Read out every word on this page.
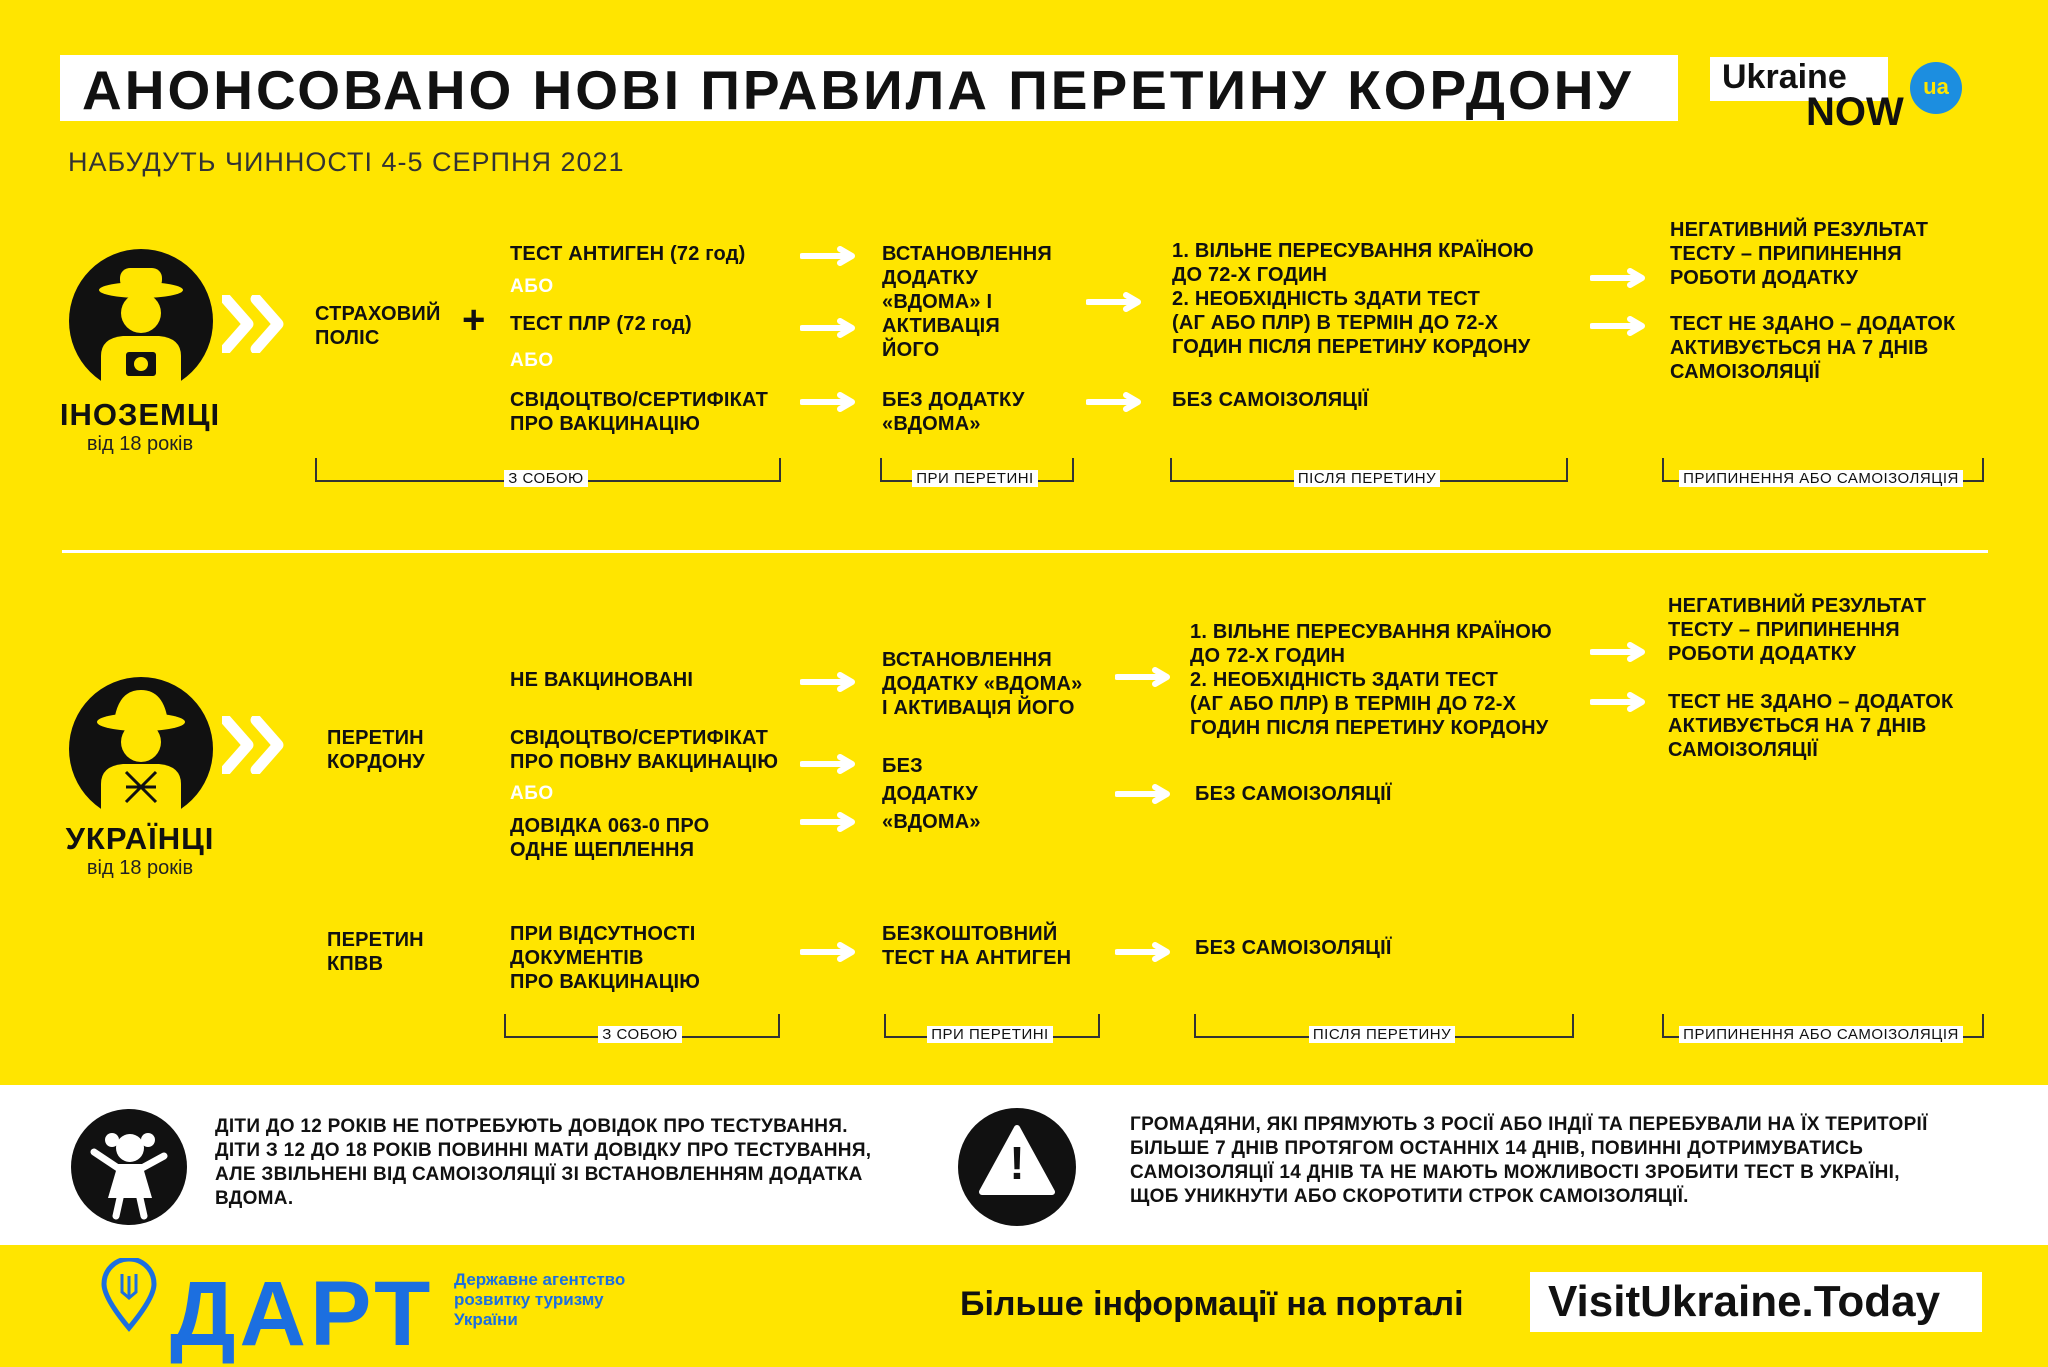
АНОНСОВАНО НОВІ ПРАВИЛА ПЕРЕТИНУ КОРДОНУ
НАБУДУТЬ ЧИННОСТІ 4-5 СЕРПНЯ 2021
Ukraine
NOW
ua
ІНОЗЕМЦІ
від 18 років
СТРАХОВИЙ
ПОЛІС	+
ТЕСТ АНТИГЕН (72 год)
АБО
ТЕСТ ПЛР (72 год)
АБО
СВІДОЦТВО/СЕРТИФІКАТ
ПРО ВАКЦИНАЦІЮ
ВСТАНОВЛЕННЯ
ДОДАТКУ
«ВДОМА» І
АКТИВАЦІЯ
ЙОГО
БЕЗ ДОДАТКУ
«ВДОМА»
1. ВІЛЬНЕ ПЕРЕСУВАННЯ КРАЇНОЮ
ДО 72-Х ГОДИН
2. НЕОБХІДНІСТЬ ЗДАТИ ТЕСТ
(АГ АБО ПЛР) В ТЕРМІН ДО 72-Х
ГОДИН ПІСЛЯ ПЕРЕТИНУ КОРДОНУ
БЕЗ САМОІЗОЛЯЦІЇ
НЕГАТИВНИЙ РЕЗУЛЬТАТ
ТЕСТУ – ПРИПИНЕННЯ
РОБОТИ ДОДАТКУ
ТЕСТ НЕ ЗДАНО – ДОДАТОК
АКТИВУЄТЬСЯ НА 7 ДНІВ
САМОІЗОЛЯЦІЇ
З СОБОЮ	ПРИ ПЕРЕТИНІ	ПІСЛЯ ПЕРЕТИНУ	ПРИПИНЕННЯ АБО САМОІЗОЛЯЦІЯ
УКРАЇНЦІ
від 18 років
ПЕРЕТИН
КОРДОНУ
НЕ ВАКЦИНОВАНІ
СВІДОЦТВО/СЕРТИФІКАТ
ПРО ПОВНУ ВАКЦИНАЦІЮ
АБО
ДОВІДКА 063-0 ПРО
ОДНЕ ЩЕПЛЕННЯ
ВСТАНОВЛЕННЯ
ДОДАТКУ «ВДОМА»
І АКТИВАЦІЯ ЙОГО
БЕЗ
ДОДАТКУ
«ВДОМА»
1. ВІЛЬНЕ ПЕРЕСУВАННЯ КРАЇНОЮ
ДО 72-Х ГОДИН
2. НЕОБХІДНІСТЬ ЗДАТИ ТЕСТ
(АГ АБО ПЛР) В ТЕРМІН ДО 72-Х
ГОДИН ПІСЛЯ ПЕРЕТИНУ КОРДОНУ
БЕЗ САМОІЗОЛЯЦІЇ
НЕГАТИВНИЙ РЕЗУЛЬТАТ
ТЕСТУ – ПРИПИНЕННЯ
РОБОТИ ДОДАТКУ
ТЕСТ НЕ ЗДАНО – ДОДАТОК
АКТИВУЄТЬСЯ НА 7 ДНІВ
САМОІЗОЛЯЦІЇ
ПЕРЕТИН
КПВВ
ПРИ ВІДСУТНОСТІ
ДОКУМЕНТІВ
ПРО ВАКЦИНАЦІЮ
БЕЗКОШТОВНИЙ
ТЕСТ НА АНТИГЕН	БЕЗ САМОІЗОЛЯЦІЇ
З СОБОЮ	ПРИ ПЕРЕТИНІ	ПІСЛЯ ПЕРЕТИНУ	ПРИПИНЕННЯ АБО САМОІЗОЛЯЦІЯ
ДІТИ ДО 12 РОКІВ НЕ ПОТРЕБУЮТЬ ДОВІДОК ПРО ТЕСТУВАННЯ.
ДІТИ З 12 ДО 18 РОКІВ ПОВИННІ МАТИ ДОВІДКУ ПРО ТЕСТУВАННЯ,
АЛЕ ЗВІЛЬНЕНІ ВІД САМОІЗОЛЯЦІЇ ЗІ ВСТАНОВЛЕННЯМ ДОДАТКА
ВДОМА.
!
ГРОМАДЯНИ, ЯКІ ПРЯМУЮТЬ З РОСІЇ АБО ІНДІЇ ТА ПЕРЕБУВАЛИ НА ЇХ ТЕРИТОРІЇ
БІЛЬШЕ 7 ДНІВ ПРОТЯГОМ ОСТАННІХ 14 ДНІВ, ПОВИННІ ДОТРИМУВАТИСЬ
САМОІЗОЛЯЦІЇ 14 ДНІВ ТА НЕ МАЮТЬ МОЖЛИВОСТІ ЗРОБИТИ ТЕСТ В УКРАЇНІ,
ЩОБ УНИКНУТИ АБО СКОРОТИТИ СТРОК САМОІЗОЛЯЦІЇ.
ДАРТ Державне агентство
розвитку туризму
України	Більше інформації на порталі VisitUkraine.Today
